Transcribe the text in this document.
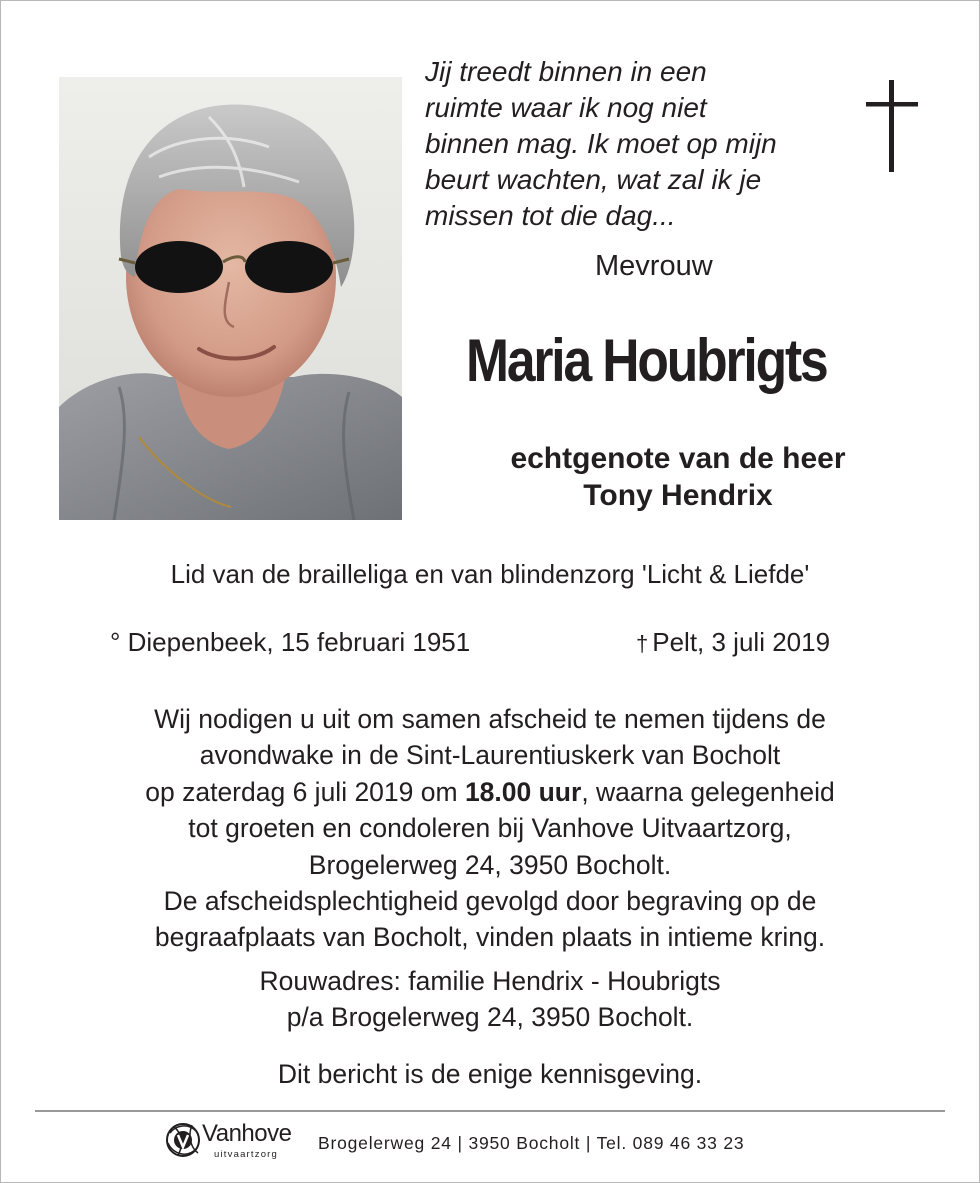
Jij treedt binnen in een
ruimte waar ik nog niet
binnen mag. Ik moet op mijn
beurt wachten, wat zal ik je
missen tot die dag...
Mevrouw
Maria Houbrigts
echtgenote van de heer
Tony Hendrix
Lid van de brailleliga en van blindenzorg 'Licht & Liefde'
° Diepenbeek, 15 februari 1951	† Pelt, 3 juli 2019
Wij nodigen u uit om samen afscheid te nemen tijdens de
avondwake in de Sint-Laurentiuskerk van Bocholt
op zaterdag 6 juli 2019 om 18.00 uur, waarna gelegenheid
tot groeten en condoleren bij Vanhove Uitvaartzorg,
Brogelerweg 24, 3950 Bocholt.
De afscheidsplechtigheid gevolgd door begraving op de
begraafplaats van Bocholt, vinden plaats in intieme kring.
Rouwadres: familie Hendrix - Houbrigts
p/a Brogelerweg 24, 3950 Bocholt.
Dit bericht is de enige kennisgeving.
Vanhove
uitvaartzorg
Brogelerweg 24 | 3950 Bocholt | Tel. 089 46 33 23
